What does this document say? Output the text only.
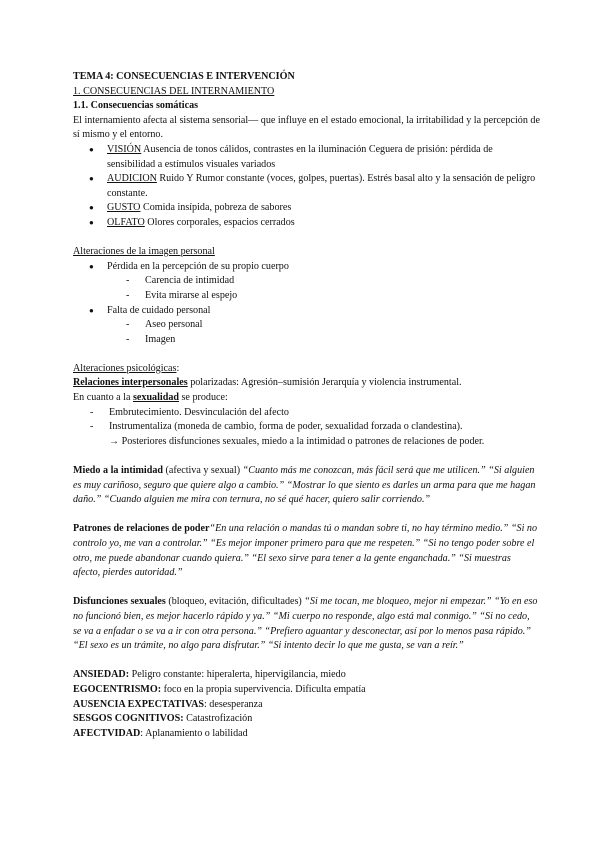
TEMA 4: CONSECUENCIAS E INTERVENCIÓN

1. CONSECUENCIAS DEL INTERNAMIENTO

1.1. Consecuencias somáticas

El internamiento afecta al sistema sensorial— que influye en el estado emocional, la irritabilidad y la percepción de sí mismo y el entorno.

● VISIÓN Ausencia de tonos cálidos, contrastes en la iluminación Ceguera de prisión: pérdida de sensibilidad a estímulos visuales variados
● AUDICION Ruido Y Rumor constante (voces, golpes, puertas). Estrés basal alto y la sensación de peligro constante.
● GUSTO Comida insípida, pobreza de sabores
● OLFATO Olores corporales, espacios cerrados

Alteraciones de la imagen personal

● Pérdida en la percepción de su propio cuerpo
- Carencia de intimidad
- Evita mirarse al espejo
● Falta de cuidado personal
- Aseo personal
- Imagen

Alteraciones psicológicas:

Relaciones interpersonales polarizadas: Agresión–sumisión Jerarquía y violencia instrumental.

En cuanto a la sexualidad se produce:

- Embrutecimiento. Desvinculación del afecto
- Instrumentaliza (moneda de cambio, forma de poder, sexualidad forzada o clandestina).

→ Posteriores disfunciones sexuales, miedo a la intimidad o patrones de relaciones de poder.

Miedo a la intimidad (afectiva y sexual) “Cuanto más me conozcan, más fácil será que me utilicen.” “Si alguien es muy cariñoso, seguro que quiere algo a cambio.” “Mostrar lo que siento es darles un arma para que me hagan daño.” “Cuando alguien me mira con ternura, no sé qué hacer, quiero salir corriendo.”

Patrones de relaciones de poder“En una relación o mandas tú o mandan sobre ti, no hay término medio.” “Si no controlo yo, me van a controlar.” “Es mejor imponer primero para que me respeten.” “Si no tengo poder sobre el otro, me puede abandonar cuando quiera.” “El sexo sirve para tener a la gente enganchada.” “Si muestras afecto, pierdes autoridad.”

Disfunciones sexuales (bloqueo, evitación, dificultades) “Si me tocan, me bloqueo, mejor ni empezar.” “Yo en eso no funcionó bien, es mejor hacerlo rápido y ya.” “Mi cuerpo no responde, algo está mal conmigo.” “Si no cedo, se va a enfadar o se va a ir con otra persona.” “Prefiero aguantar y desconectar, así por lo menos pasa rápido.” “El sexo es un trámite, no algo para disfrutar.” “Si intento decir lo que me gusta, se van a reír.”

ANSIEDAD: Peligro constante: hiperalerta, hipervigilancia, miedo

EGOCENTRISMO: foco en la propia supervivencia. Dificulta empatía

AUSENCIA EXPECTATIVAS: desesperanza

SESGOS COGNITIVOS: Catastrofización

AFECTVIDAD: Aplanamiento o labilidad
